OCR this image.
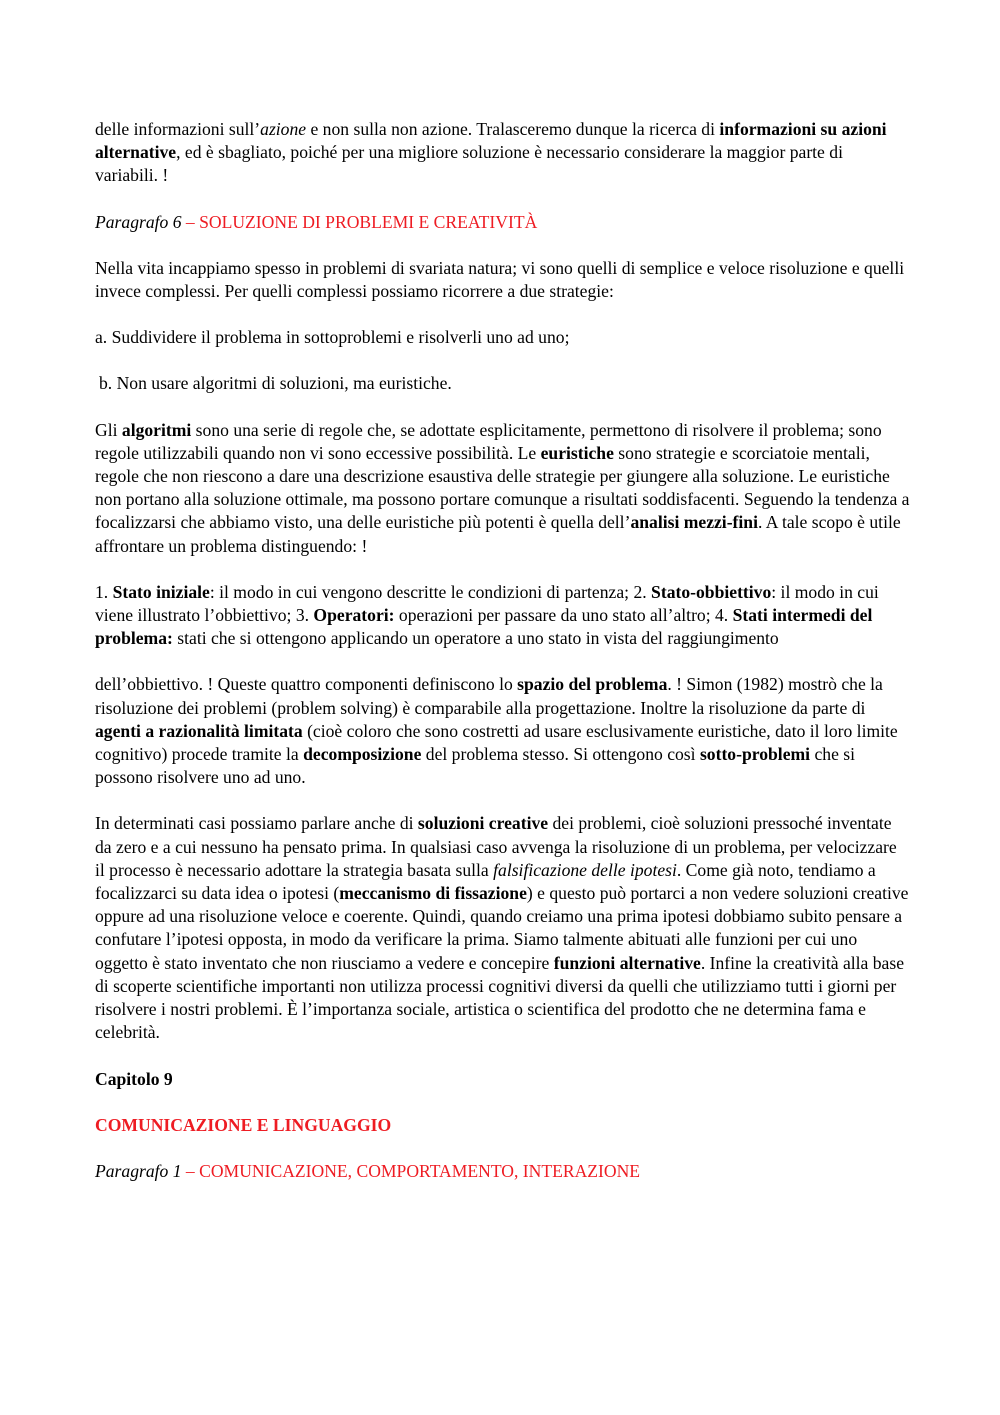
delle informazioni sull’azione e non sulla non azione. Tralasceremo dunque la ricerca di informazioni su azioni alternative, ed è sbagliato, poiché per una migliore soluzione è necessario considerare la maggior parte di variabili. !

Paragrafo 6 – SOLUZIONE DI PROBLEMI E CREATIVITÀ

Nella vita incappiamo spesso in problemi di svariata natura; vi sono quelli di semplice e veloce risoluzione e quelli invece complessi. Per quelli complessi possiamo ricorrere a due strategie:

a. Suddividere il problema in sottoproblemi e risolverli uno ad uno;

b. Non usare algoritmi di soluzioni, ma euristiche.

Gli algoritmi sono una serie di regole che, se adottate esplicitamente, permettono di risolvere il problema; sono regole utilizzabili quando non vi sono eccessive possibilità. Le euristiche sono strategie e scorciatoie mentali, regole che non riescono a dare una descrizione esaustiva delle strategie per giungere alla soluzione. Le euristiche non portano alla soluzione ottimale, ma possono portare comunque a risultati soddisfacenti. Seguendo la tendenza a focalizzarsi che abbiamo visto, una delle euristiche più potenti è quella dell’analisi mezzi-fini. A tale scopo è utile affrontare un problema distinguendo: !

1. Stato iniziale: il modo in cui vengono descritte le condizioni di partenza; 2. Stato-obbiettivo: il modo in cui viene illustrato l’obbiettivo; 3. Operatori: operazioni per passare da uno stato all’altro; 4. Stati intermedi del problema: stati che si ottengono applicando un operatore a uno stato in vista del raggiungimento

dell’obbiettivo. ! Queste quattro componenti definiscono lo spazio del problema. ! Simon (1982) mostrò che la risoluzione dei problemi (problem solving) è comparabile alla progettazione. Inoltre la risoluzione da parte di agenti a razionalità limitata (cioè coloro che sono costretti ad usare esclusivamente euristiche, dato il loro limite cognitivo) procede tramite la decomposizione del problema stesso. Si ottengono così sotto-problemi che si possono risolvere uno ad uno.

In determinati casi possiamo parlare anche di soluzioni creative dei problemi, cioè soluzioni pressoché inventate da zero e a cui nessuno ha pensato prima. In qualsiasi caso avvenga la risoluzione di un problema, per velocizzare il processo è necessario adottare la strategia basata sulla falsificazione delle ipotesi. Come già noto, tendiamo a focalizzarci su data idea o ipotesi (meccanismo di fissazione) e questo può portarci a non vedere soluzioni creative oppure ad una risoluzione veloce e coerente. Quindi, quando creiamo una prima ipotesi dobbiamo subito pensare a confutare l’ipotesi opposta, in modo da verificare la prima. Siamo talmente abituati alle funzioni per cui uno oggetto è stato inventato che non riusciamo a vedere e concepire funzioni alternative. Infine la creatività alla base di scoperte scientifiche importanti non utilizza processi cognitivi diversi da quelli che utilizziamo tutti i giorni per risolvere i nostri problemi. È l’importanza sociale, artistica o scientifica del prodotto che ne determina fama e celebrità.

Capitolo 9

COMUNICAZIONE E LINGUAGGIO

Paragrafo 1 – COMUNICAZIONE, COMPORTAMENTO, INTERAZIONE
